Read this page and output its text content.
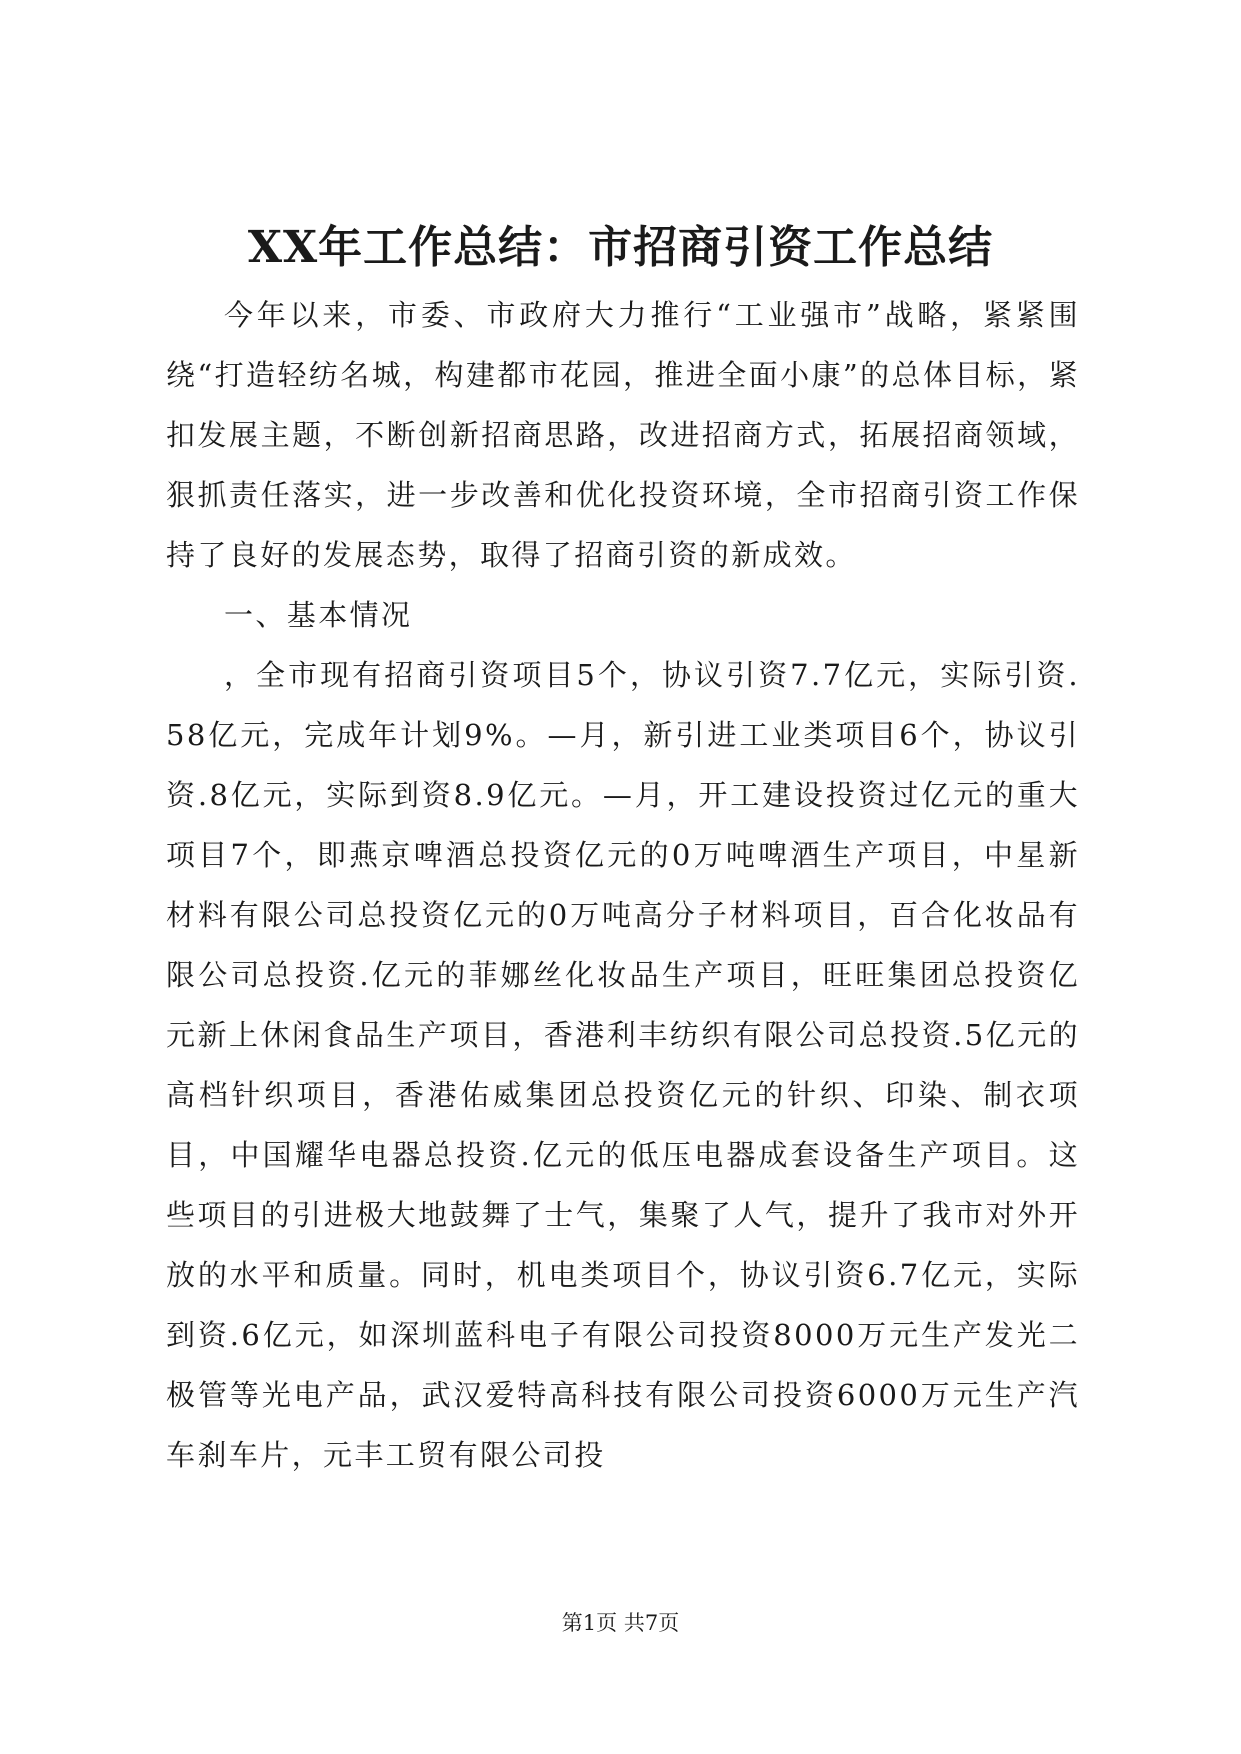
XX年工作总结：市招商引资工作总结

今年以来，市委、市政府大力推行“工业强市”战略，紧紧围绕“打造轻纺名城，构建都市花园，推进全面小康”的总体目标，紧扣发展主题，不断创新招商思路，改进招商方式，拓展招商领域，狠抓责任落实，进一步改善和优化投资环境，全市招商引资工作保持了良好的发展态势，取得了招商引资的新成效。

一、基本情况

，全市现有招商引资项目5个，协议引资7.7亿元，实际引资.58亿元，完成年计划9%。—月，新引进工业类项目6个，协议引资.8亿元，实际到资8.9亿元。—月，开工建设投资过亿元的重大项目7个，即燕京啤酒总投资亿元的0万吨啤酒生产项目，中星新材料有限公司总投资亿元的0万吨高分子材料项目，百合化妆品有限公司总投资.亿元的菲娜丝化妆品生产项目，旺旺集团总投资亿元新上休闲食品生产项目，香港利丰纺织有限公司总投资.5亿元的高档针织项目，香港佑威集团总投资亿元的针织、印染、制衣项目，中国耀华电器总投资.亿元的低压电器成套设备生产项目。这些项目的引进极大地鼓舞了士气，集聚了人气，提升了我市对外开放的水平和质量。同时，机电类项目个，协议引资6.7亿元，实际到资.6亿元，如深圳蓝科电子有限公司投资8000万元生产发光二极管等光电产品，武汉爱特高科技有限公司投资6000万元生产汽车刹车片，元丰工贸有限公司投

第1页 共7页
